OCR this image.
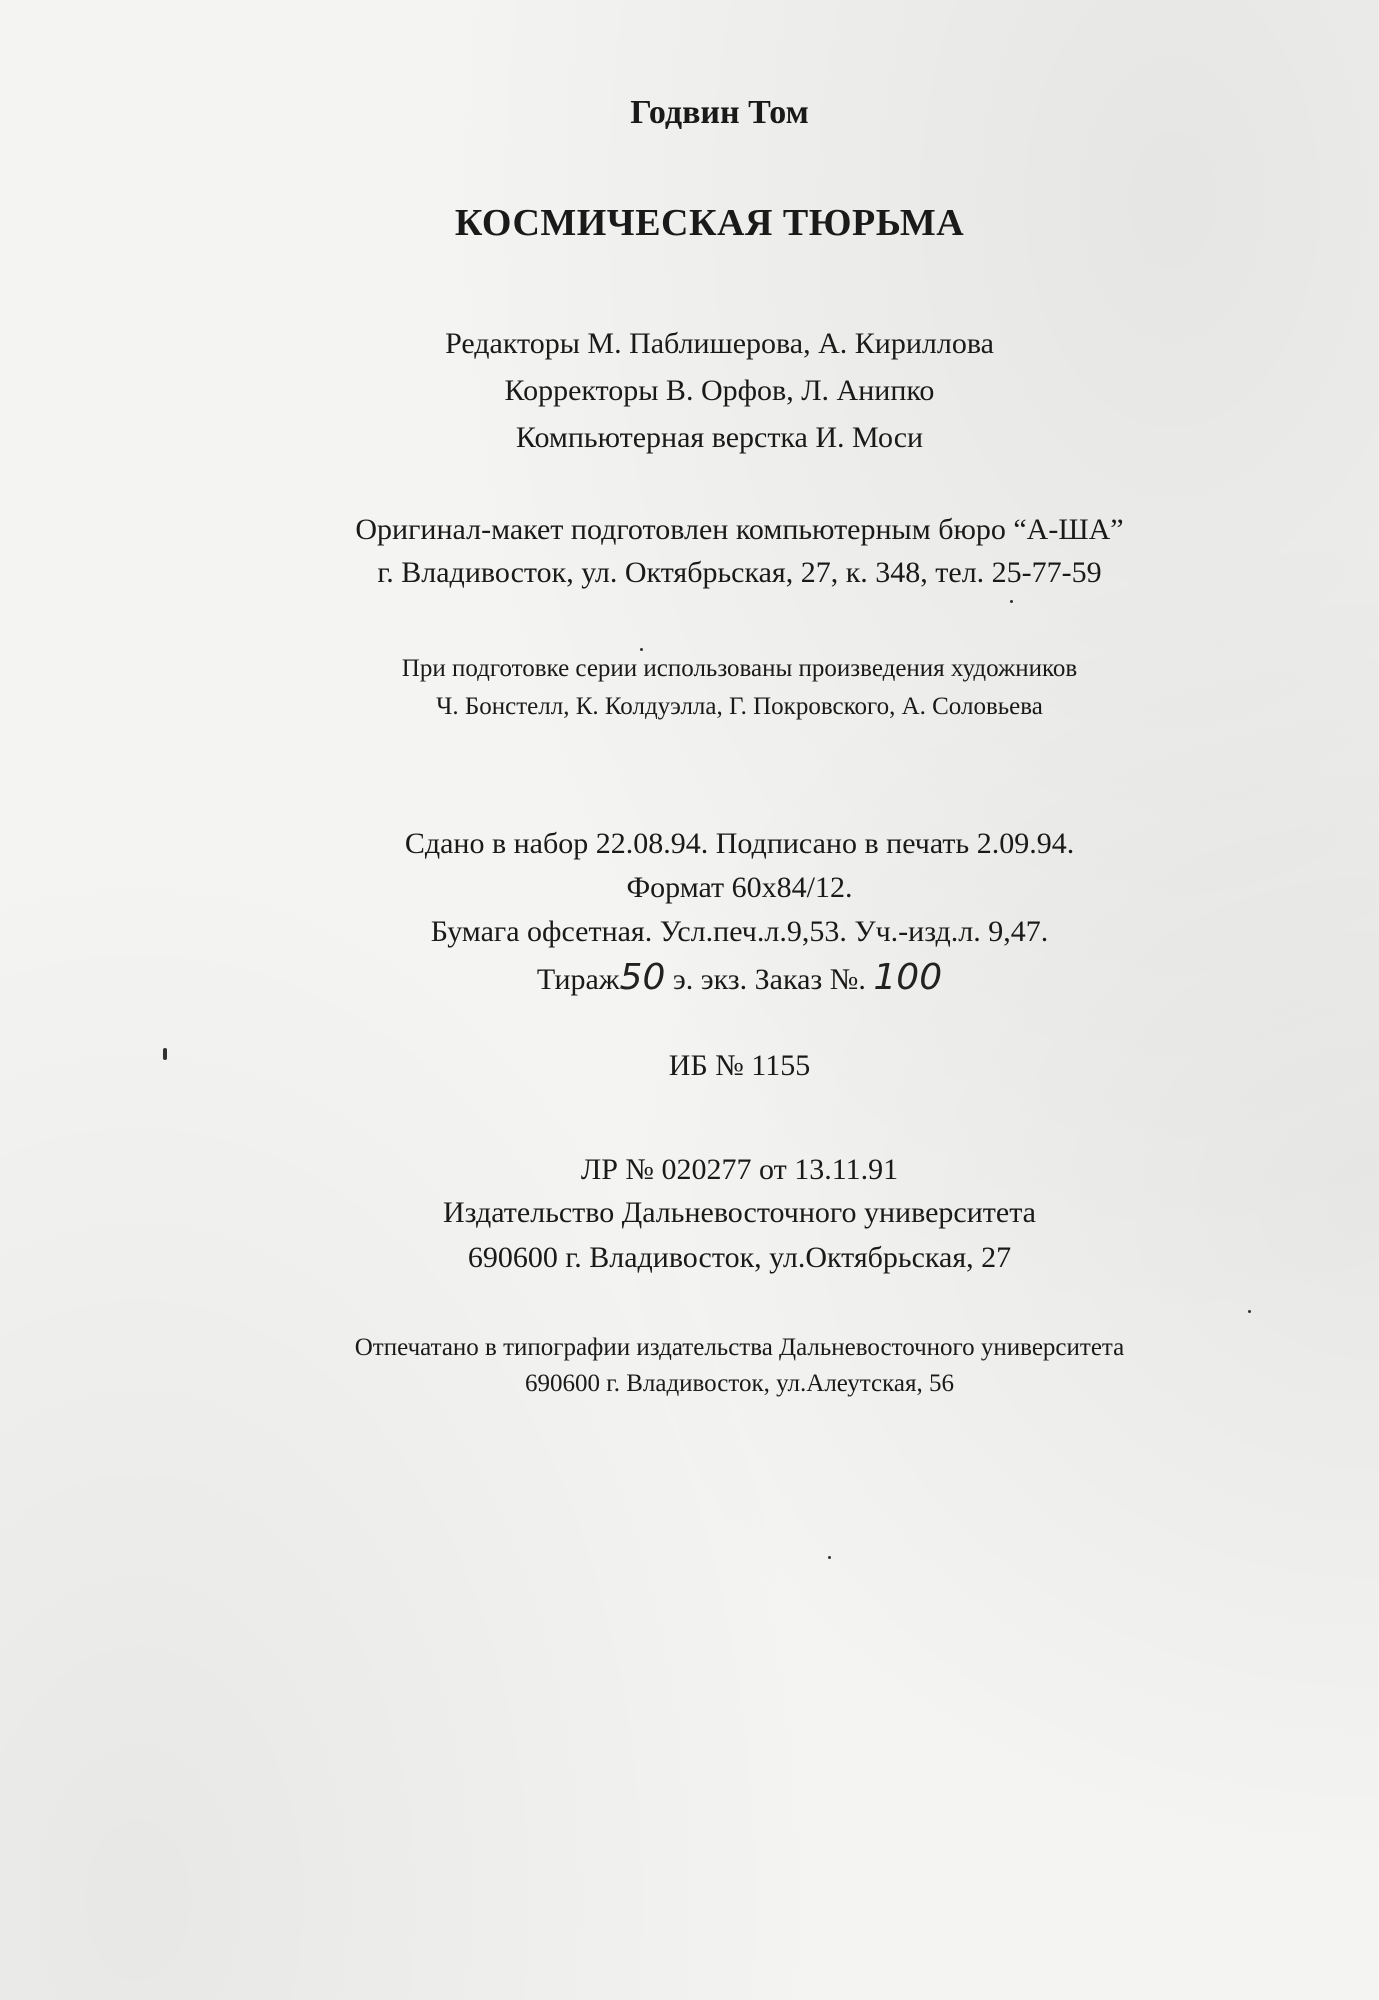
Годвин Том
КОСМИЧЕСКАЯ ТЮРЬМА
Редакторы М. Паблишерова, А. Кириллова
Корректоры В. Орфов, Л. Анипко
Компьютерная верстка И. Моси
Оригинал-макет подготовлен компьютерным бюро “А-ША”
г. Владивосток, ул. Октябрьская, 27, к. 348, тел. 25-77-59
При подготовке серии использованы произведения художников
Ч. Бонстелл, К. Колдуэлла, Г. Покровского, А. Соловьева
Сдано в набор 22.08.94. Подписано в печать 2.09.94.
Формат 60x84/12.
Бумага офсетная. Усл.печ.л.9,53. Уч.-изд.л. 9,47.
Тираж50 э. экз. Заказ №. 100
ИБ № 1155
ЛР № 020277 от 13.11.91
Издательство Дальневосточного университета
690600 г. Владивосток, ул.Октябрьская, 27
Отпечатано в типографии издательства Дальневосточного университета
690600 г. Владивосток, ул.Алеутская, 56
